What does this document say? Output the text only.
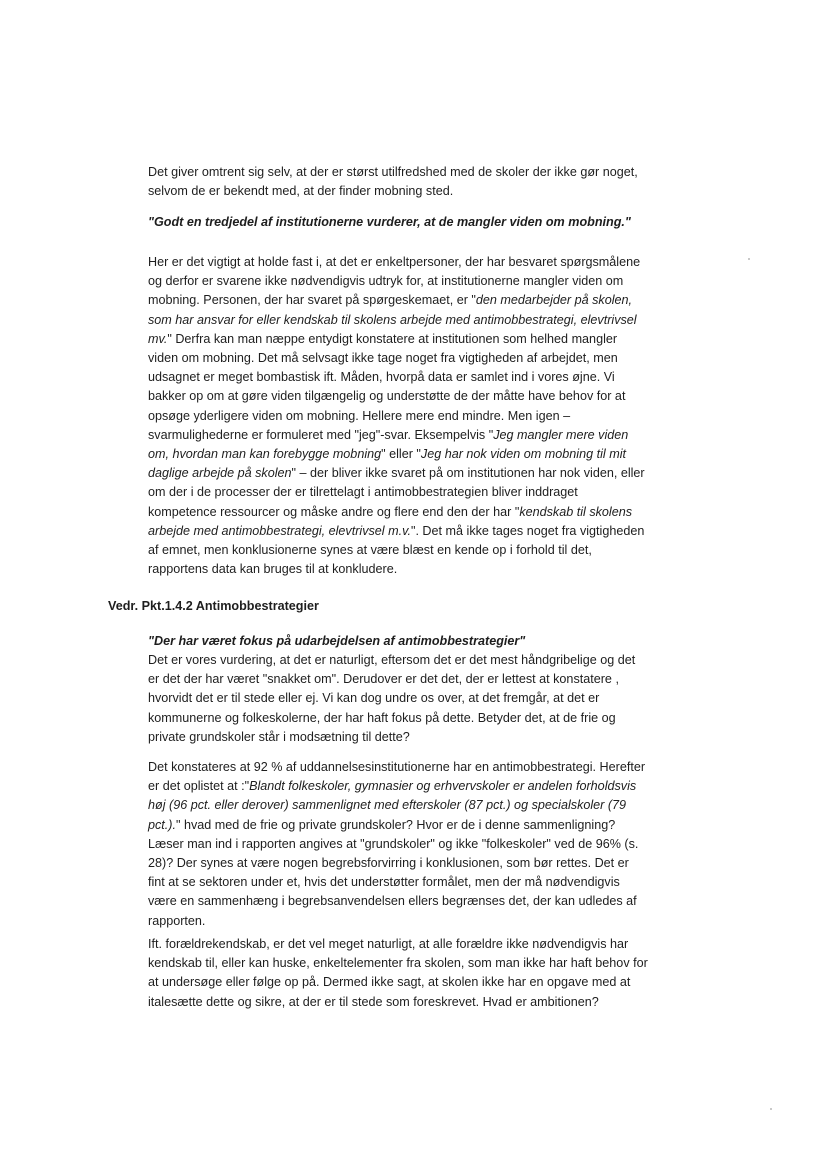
Det giver omtrent sig selv, at der er størst utilfredshed med de skoler der ikke gør noget, selvom de er bekendt med, at der finder mobning sted.

"Godt en tredjedel af institutionerne vurderer, at de mangler viden om mobning."

Her er det vigtigt at holde fast i, at det er enkeltpersoner, der har besvaret spørgsmålene og derfor er svarene ikke nødvendigvis udtryk for, at institutionerne mangler viden om mobning. Personen, der har svaret på spørgeskemaet, er "den medarbejder på skolen, som har ansvar for eller kendskab til skolens arbejde med antimobbestrategi, elevtrivsel mv." Derfra kan man næppe entydigt konstatere at institutionen som helhed mangler viden om mobning. Det må selvsagt ikke tage noget fra vigtigheden af arbejdet, men udsagnet er meget bombastisk ift. Måden, hvorpå data er samlet ind i vores øjne. Vi bakker op om at gøre viden tilgængelig og understøtte de der måtte have behov for at opsøge yderligere viden om mobning. Hellere mere end mindre. Men igen – svarmulighederne er formuleret med "jeg"-svar. Eksempelvis "Jeg mangler mere viden om, hvordan man kan forebygge mobning" eller "Jeg har nok viden om mobning til mit daglige arbejde på skolen" – der bliver ikke svaret på om institutionen har nok viden, eller om der i de processer der er tilrettelagt i antimobbestrategien bliver inddraget kompetence ressourcer og måske andre og flere end den der har "kendskab til skolens arbejde med antimobbestrategi, elevtrivsel m.v.". Det må ikke tages noget fra vigtigheden af emnet, men konklusionerne synes at være blæst en kende op i forhold til det, rapportens data kan bruges til at konkludere.

Vedr. Pkt.1.4.2 Antimobbestrategier

"Der har været fokus på udarbejdelsen af antimobbestrategier"

Det er vores vurdering, at det er naturligt, eftersom det er det mest håndgribelige og det er det der har været "snakket om". Derudover er det det, der er lettest at konstatere , hvorvidt det er til stede eller ej. Vi kan dog undre os over, at det fremgår, at det er kommunerne og folkeskolerne, der har haft fokus på dette. Betyder det, at de frie og private grundskoler står i modsætning til dette?

Det konstateres at 92 % af uddannelsesinstitutionerne har en antimobbestrategi. Herefter er det oplistet at :"Blandt folkeskoler, gymnasier og erhvervskoler er andelen forholdsvis høj (96 pct. eller derover) sammenlignet med efterskoler (87 pct.) og specialskoler (79 pct.)." hvad med de frie og private grundskoler? Hvor er de i denne sammenligning? Læser man ind i rapporten angives at "grundskoler" og ikke "folkeskoler" ved de 96% (s. 28)? Der synes at være nogen begrebsforvirring i konklusionen, som bør rettes. Det er fint at se sektoren under et, hvis det understøtter formålet, men der må nødvendigvis være en sammenhæng i begrebsanvendelsen ellers begrænses det, der kan udledes af rapporten.

Ift. forældrekendskab, er det vel meget naturligt, at alle forældre ikke nødvendigvis har kendskab til, eller kan huske, enkeltelementer fra skolen, som man ikke har haft behov for at undersøge eller følge op på. Dermed ikke sagt, at skolen ikke har en opgave med at italesætte dette og sikre, at der er til stede som foreskrevet. Hvad er ambitionen?
